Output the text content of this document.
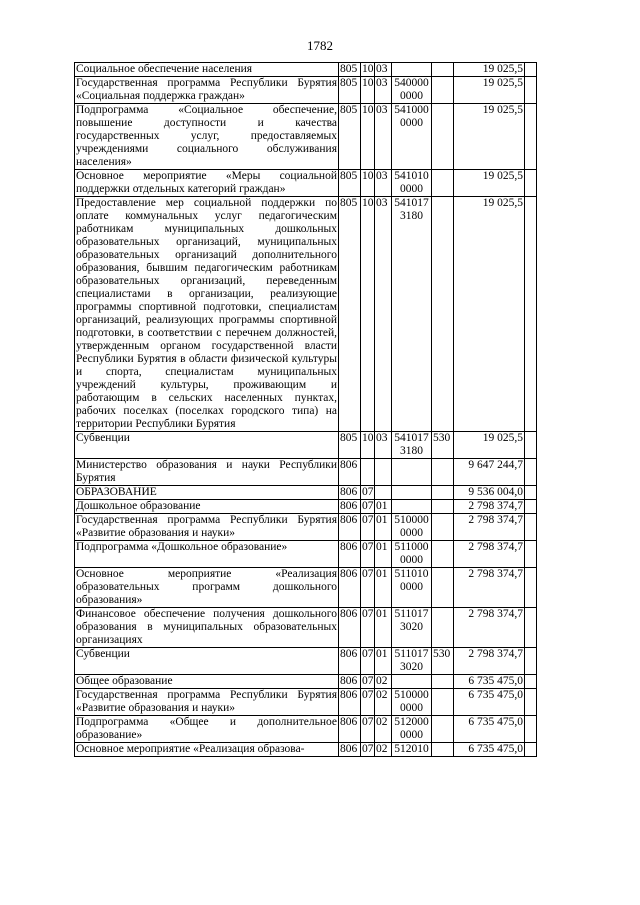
1782
Социальное обеспечение населения	805	10	03			19 025,5	
Государственная программа Республики Бурятия «Социальная поддержка граждан»	805	10	03	540000 0000		19 025,5	
Подпрограмма «Социальное обеспечение, повышение доступности и качества государственных услуг, предоставляемых учреждениями социального обслуживания населения»	805	10	03	541000 0000		19 025,5	
Основное мероприятие «Меры социальной поддержки отдельных категорий граждан»	805	10	03	541010 0000		19 025,5	
Предоставление мер социальной поддержки по оплате коммунальных услуг педагогическим работникам муниципальных дошкольных образовательных организаций, муниципальных образовательных организаций дополнительного образования, бывшим педагогическим работникам образовательных организаций, переведенным специалистами в организации, реализующие программы спортивной подготовки, специалистам организаций, реализующих программы спортивной подготовки, в соответствии с перечнем должностей, утвержденным органом государственной власти Республики Бурятия в области физической культуры и спорта, специалистам муниципальных учреждений культуры, проживающим и работающим в сельских населенных пунктах, рабочих поселках (поселках городского типа) на территории Республики Бурятия	805	10	03	541017 3180		19 025,5	
Субвенции	805	10	03	541017 3180	530	19 025,5	
Министерство образования и науки Республики Бурятия	806					9 647 244,7	
ОБРАЗОВАНИЕ	806	07				9 536 004,0	
Дошкольное образование	806	07	01			2 798 374,7	
Государственная программа Республики Бурятия «Развитие образования и науки»	806	07	01	510000 0000		2 798 374,7	
Подпрограмма «Дошкольное образование»	806	07	01	511000 0000		2 798 374,7	
Основное мероприятие «Реализация образовательных программ дошкольного образования»	806	07	01	511010 0000		2 798 374,7	
Финансовое обеспечение получения дошкольного образования в муниципальных образовательных организациях	806	07	01	511017 3020		2 798 374,7	
Субвенции	806	07	01	511017 3020	530	2 798 374,7	
Общее образование	806	07	02			6 735 475,0	
Государственная программа Республики Бурятия «Развитие образования и науки»	806	07	02	510000 0000		6 735 475,0	
Подпрограмма «Общее и дополнительное образование»	806	07	02	512000 0000		6 735 475,0	
Основное мероприятие «Реализация образова-	806	07	02	512010		6 735 475,0	
